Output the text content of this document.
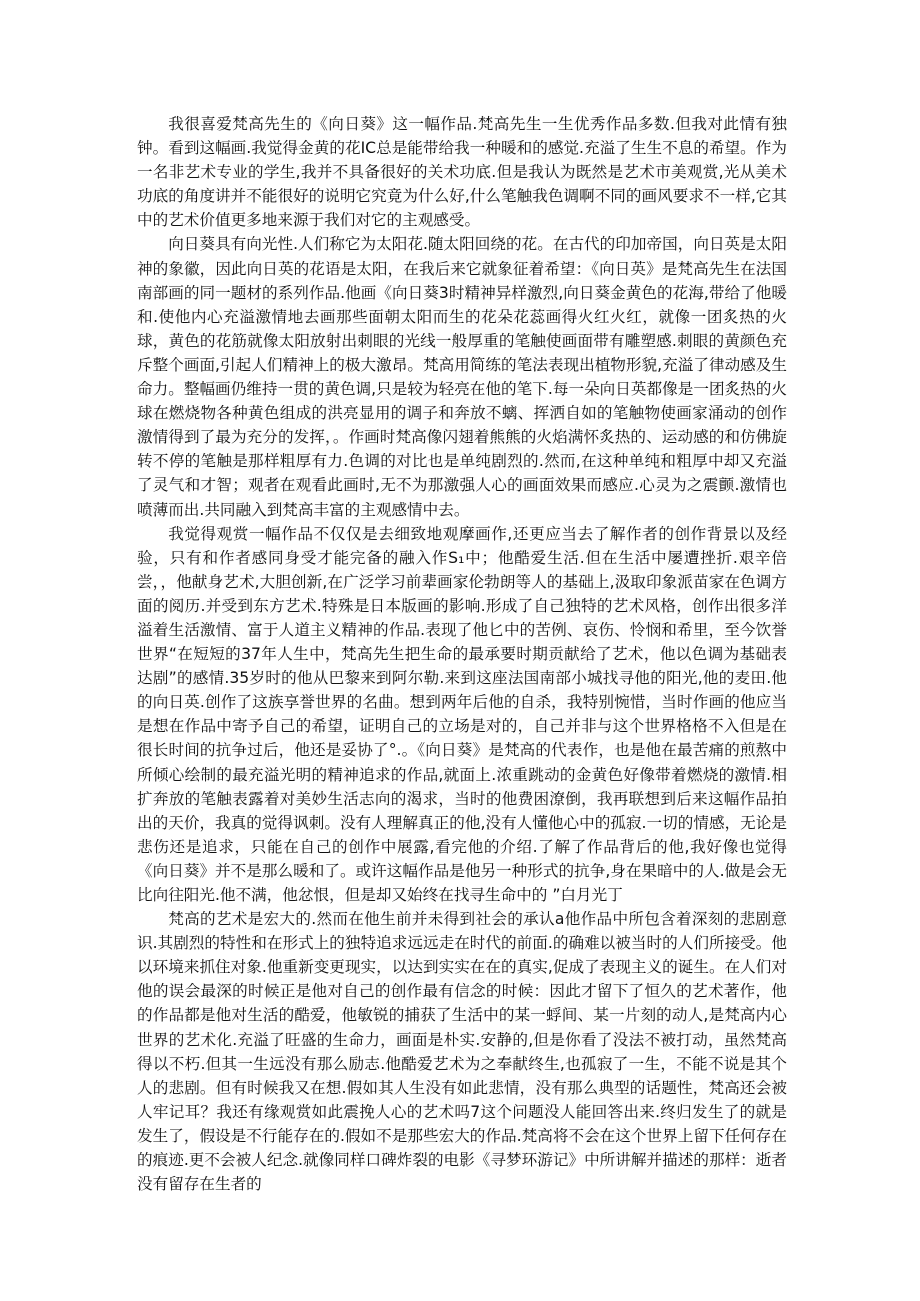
我很喜爱梵高先生的《向日葵》这一幅作品.梵高先生一生优秀作品多数.但我对此情有独钟。看到这幅画.我觉得金黄的花IC总是能带给我一种暖和的感觉.充溢了生生不息的希望。作为一名非艺术专业的学生,我并不具备很好的关术功底.但是我认为既然是艺术市美观赏,光从美术功底的角度讲并不能很好的说明它究竟为什么好,什么笔触我色调啊不同的画风要求不一样,它其中的艺术价值更多地来源于我们对它的主观感受。

向日葵具有向光性.人们称它为太阳花.随太阳回绕的花。在古代的印加帝国，向日英是太阳神的象徽，因此向日英的花语是太阳，在我后来它就象征着希望：《向日英》是梵高先生在法国南部画的同一题材的系列作品.他画《向日葵3时精神异样激烈,向日葵金黄色的花海,带给了他暖和.使他内心充溢激情地去画那些面朝太阳而生的花朵花蕊画得火红火红，就像一团炙热的火球，黄色的花筋就像太阳放射出刺眼的光线一般厚重的笔触使画面带有雕塑感.刺眼的黄颜色充斥整个画面,引起人们精神上的极大激昂。梵高用简练的笔法表现出植物形貌,充溢了律动感及生命力。整幅画仍维持一贯的黄色调,只是较为轻亮在他的笔下.每一朵向日英都像是一团炙热的火球在燃烧物各种黄色组成的洪亮显用的调子和奔放不螭、挥洒自如的笔触物使画家涌动的创作激情得到了最为充分的发挥，。作画时梵高像闪翅着熊熊的火焰满怀炙热的、运动感的和仿佛旋转不停的笔触是那样粗厚有力.色调的对比也是单纯剧烈的.然而,在这种单纯和粗厚中却又充溢了灵气和才智；观者在观看此画时,无不为那激强人心的画面效果而感应.心灵为之震颤.激情也喷薄而出.共同融入到梵高丰富的主观感情中去。

我觉得观赏一幅作品不仅仅是去细致地观摩画作,还更应当去了解作者的创作背景以及经验，只有和作者感同身受才能完备的融入作S₁中；他酷爱生活.但在生活中屡遭挫折.艰辛倍尝，，他献身艺术,大胆创新,在广泛学习前辈画家伦勃朗等人的基础上,汲取印象派苗家在色调方面的阅历.并受到东方艺术.特殊是日本版画的影响.形成了自己独特的艺术风格，创作出很多洋溢着生活激情、富于人道主义精神的作品.表现了他匕中的苦例、哀伤、怜悯和希里，至今饮誉世界“在短短的37年人生中，梵高先生把生命的最承要时期贡献给了艺术，他以色调为基础表达剧”的感情.35岁时的他从巴黎来到阿尔勒.来到这座法国南部小城找寻他的阳光,他的麦田.他的向日英.创作了这族享誉世界的名曲。想到两年后他的自杀，我特别惋惜，当时作画的他应当是想在作品中寄予自己的希望，证明自己的立场是对的，自己并非与这个世界格格不入但是在很长时间的抗争过后，他还是妥协了°.。《向日葵》是梵高的代表作，也是他在最苦痛的煎熬中所倾心绘制的最充溢光明的精神追求的作品,就面上.浓重跳动的金黄色好像带着燃烧的激情.相扩奔放的笔触表露着对美妙生活志向的渴求，当时的他费困潦倒，我再联想到后来这幅作品拍出的天价，我真的觉得讽刺。没有人理解真正的他,没有人懂他心中的孤寂.一切的情感，无论是悲伤还是追求，只能在自己的创作中展露,看完他的介绍.了解了作品背后的他,我好像也觉得《向日葵》并不是那么暖和了。或许这幅作品是他另一种形式的抗争,身在果暗中的人.做是会无比向往阳光.他不满，他忿恨，但是却又始终在找寻生命中的 ”白月光丁

梵高的艺术是宏大的.然而在他生前并未得到社会的承认a他作品中所包含着深刻的悲剧意识.其剧烈的特性和在形式上的独特追求远远走在时代的前面.的确难以被当时的人们所接受。他以环境来抓住对象.他重新变更现实，以达到实实在在的真实,促成了表现主义的诞生。在人们对他的误会最深的时候正是他对自己的创作最有信念的时候：因此才留下了恒久的艺术著作，他的作品都是他对生活的酷爱，他敏锐的捕获了生活中的某一蜉间、某一片刻的动人,是梵高内心世界的艺术化.充溢了旺盛的生命力，画面是朴实.安静的,但是你看了没法不被打动，虽然梵高得以不朽.但其一生远没有那么励志.他酷爱艺术为之奉献终生,也孤寂了一生，不能不说是其个人的悲剧。但有时候我又在想.假如其人生没有如此悲情，没有那么典型的话题性，梵高还会被人牢记耳？我还有缘观赏如此震挽人心的艺术吗7这个问题没人能回答出来.终归发生了的就是发生了，假设是不行能存在的.假如不是那些宏大的作品.梵高将不会在这个世界上留下任何存在的痕迹.更不会被人纪念.就像同样口碑炸裂的电影《寻梦环游记》中所讲解并描述的那样：逝者没有留存在生者的
